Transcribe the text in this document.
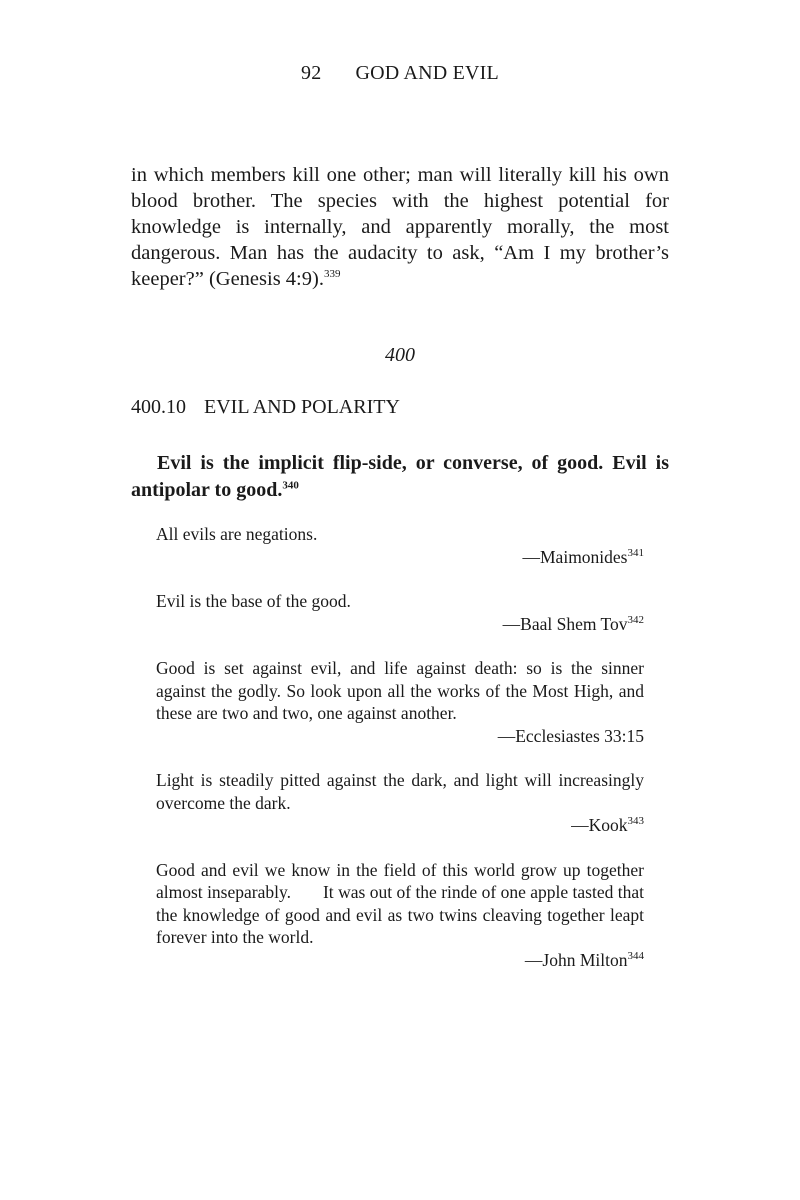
92 GOD AND EVIL

in which members kill one other; man will literally kill his own blood brother. The species with the highest potential for knowledge is internally, and apparently morally, the most dangerous. Man has the audacity to ask, “Am I my brother’s keeper?” (Genesis 4:9).$^{339}$

400
400.10 EVIL AND POLARITY

Evil is the implicit flip-side, or converse, of good. Evil is antipolar to good.$^{340}$

All evils are negations.

—Maimonides$^{341}$

Evil is the base of the good.

—Baal Shem Tov$^{342}$

Good is set against evil, and life against death: so is the sinner against the godly. So look upon all the works of the Most High, and these are two and two, one against another.

—Ecclesiastes 33:15

Light is steadily pitted against the dark, and light will increasingly overcome the dark.

—Kook$^{343}$

Good and evil we know in the field of this world grow up together almost inseparably. It was out of the rinde of one apple tasted that the knowledge of good and evil as two twins cleaving together leapt forever into the world.

—John Milton$^{344}$
